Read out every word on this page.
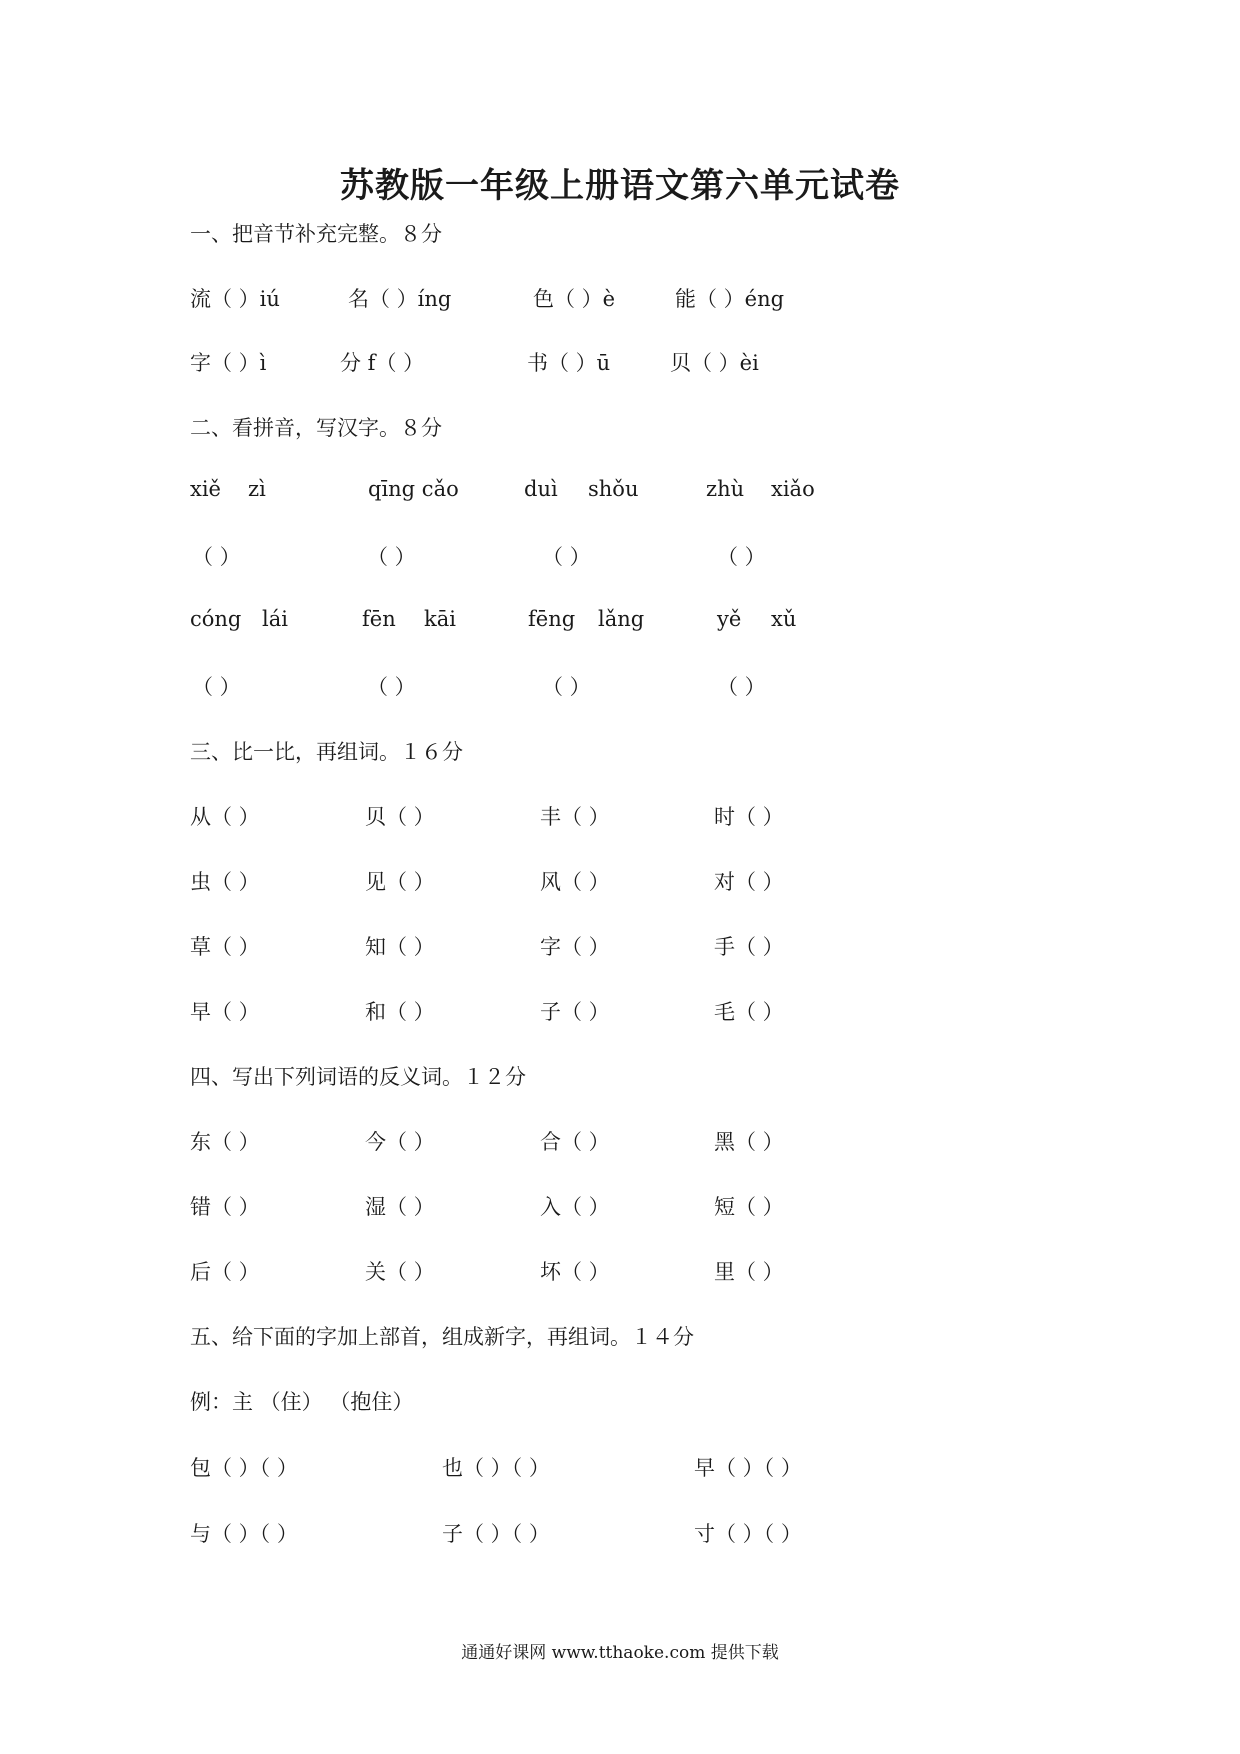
苏教版一年级上册语文第六单元试卷
一、把音节补充完整。８分
流（ ）iú	名（ ）íng	色（ ）è	能（ ）éng
字（ ）ì	分 f（ ）	书（ ）ū	贝（ ）èi
二、看拼音，写汉字。８分
xiě zì	qīng cǎo	duì shǒu	zhù xiǎo
（ ）	（ ）	（ ）	（ ）
cóng lái	fēn kāi	fēng lǎng	yě xǔ
（ ）	（ ）	（ ）	（ ）
三、比一比，再组词。１６分
从（ ）	贝（ ）	丰（ ）	时（ ）
虫（ ）	见（ ）	风（ ）	对（ ）
草（ ）	知（ ）	字（ ）	手（ ）
早（ ）	和（ ）	子（ ）	毛（ ）
四、写出下列词语的反义词。１２分
东（ ）	今（ ）	合（ ）	黑（ ）
错（ ）	湿（ ）	入（ ）	短（ ）
后（ ）	关（ ）	坏（ ）	里（ ）
五、给下面的字加上部首，组成新字，再组词。１４分
例：主 （住） （抱住）
包（ ）（ ）	也（ ）（ ）	早（ ）（ ）
与（ ）（ ）	子（ ）（ ）	寸（ ）（ ）
通通好课网 www.tthaoke.com 提供下载
